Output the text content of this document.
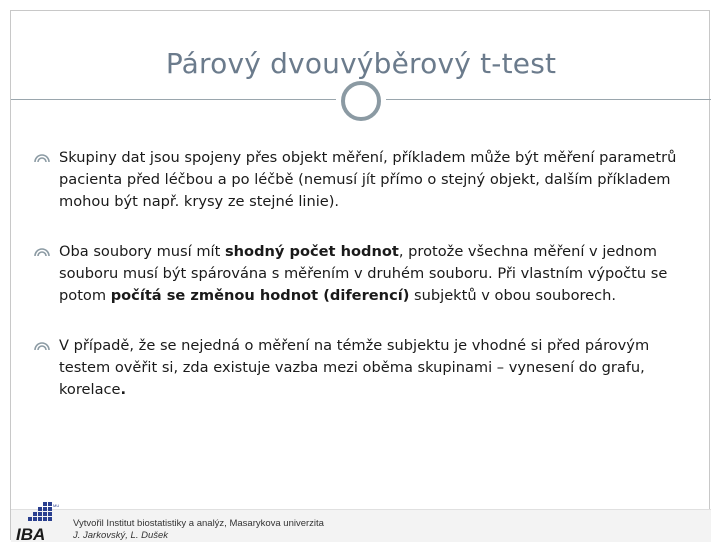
Párový dvouvýběrový t-test
Skupiny dat jsou spojeny přes objekt měření, příkladem může být měření parametrů pacienta před léčbou a po léčbě (nemusí jít přímo o stejný objekt, dalším příkladem mohou být např. krysy ze stejné linie).
Oba soubory musí mít shodný počet hodnot, protože všechna měření v jednom souboru musí být spárována s měřením v druhém souboru. Při vlastním výpočtu se potom počítá se změnou hodnot (diferencí) subjektů v obou souborech.
V případě, že se nejedná o měření na témže subjektu je vhodné si před párovým testem ověřit si, zda existuje vazba mezi oběma skupinami – vynesení do grafu, korelace.
MU
IBA
Vytvořil Institut biostatistiky a analýz, Masarykova univerzita
J. Jarkovský, L. Dušek
